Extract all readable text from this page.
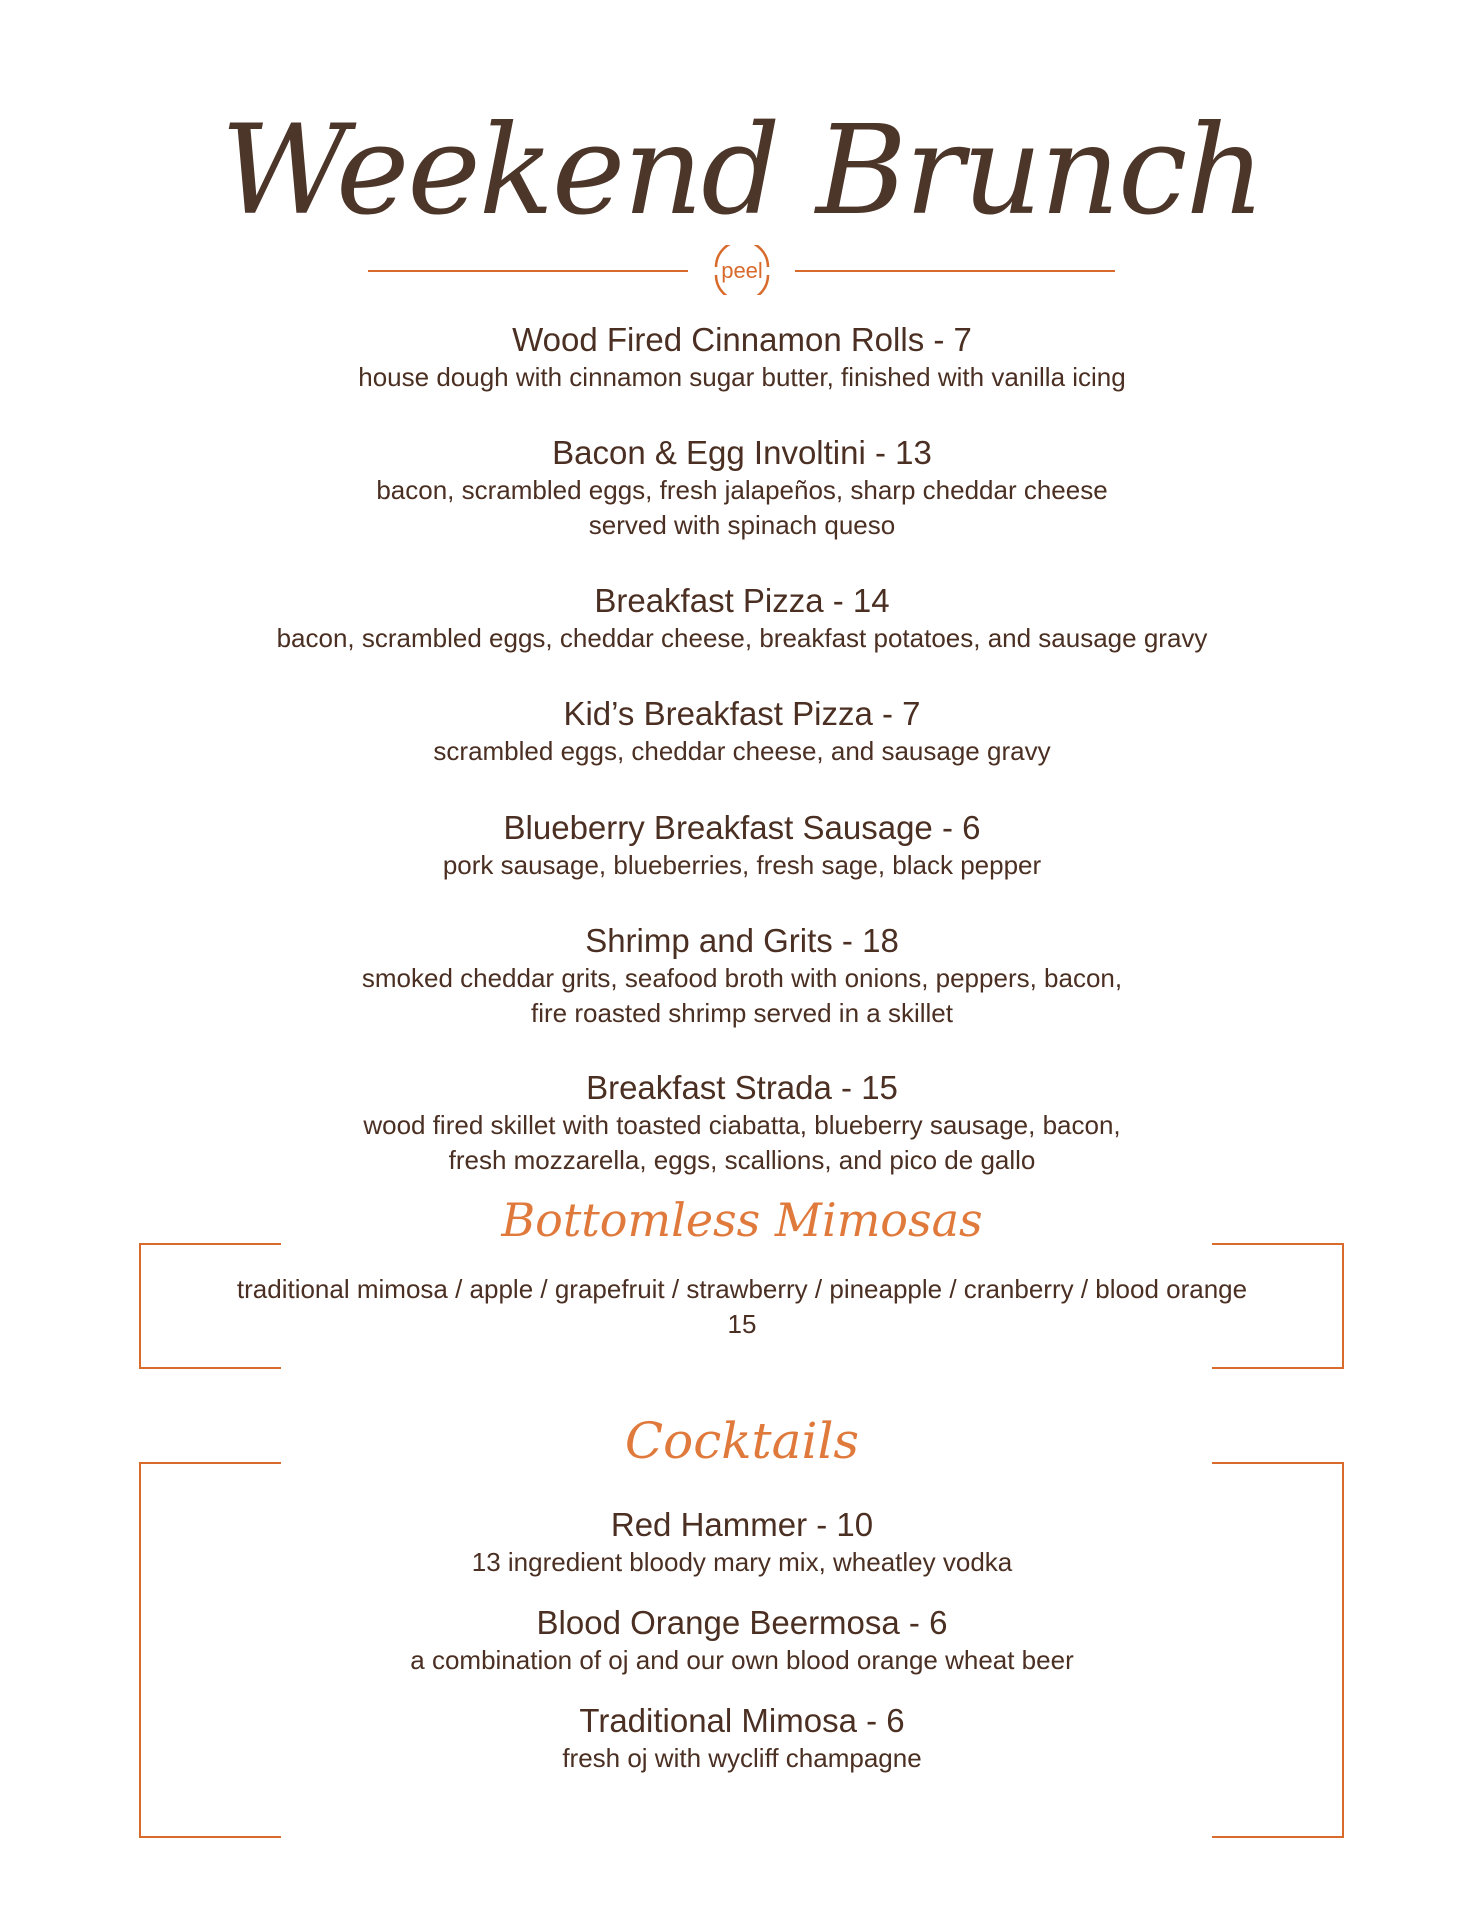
Weekend Brunch
peel
Wood Fired Cinnamon Rolls - 7
house dough with cinnamon sugar butter, finished with vanilla icing
Bacon & Egg Involtini - 13
bacon, scrambled eggs, fresh jalapeños, sharp cheddar cheese
served with spinach queso
Breakfast Pizza - 14
bacon, scrambled eggs, cheddar cheese, breakfast potatoes, and sausage gravy
Kid’s Breakfast Pizza - 7
scrambled eggs, cheddar cheese, and sausage gravy
Blueberry Breakfast Sausage - 6
pork sausage, blueberries, fresh sage, black pepper
Shrimp and Grits - 18
smoked cheddar grits, seafood broth with onions, peppers, bacon,
fire roasted shrimp served in a skillet
Breakfast Strada - 15
wood fired skillet with toasted ciabatta, blueberry sausage, bacon,
fresh mozzarella, eggs, scallions, and pico de gallo
Bottomless Mimosas
traditional mimosa / apple / grapefruit / strawberry / pineapple / cranberry / blood orange
15
Cocktails
Red Hammer - 10
13 ingredient bloody mary mix, wheatley vodka
Blood Orange Beermosa - 6
a combination of oj and our own blood orange wheat beer
Traditional Mimosa - 6
fresh oj with wycliff champagne
